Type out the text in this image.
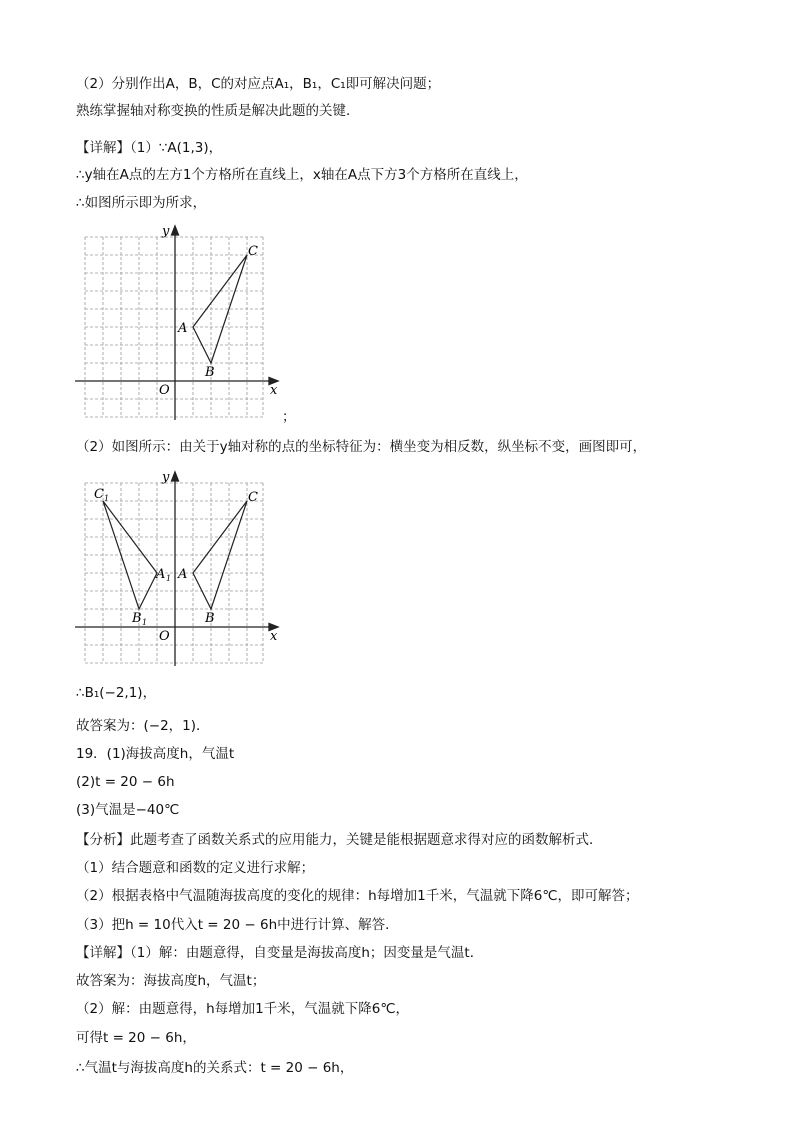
（2）分别作出A，B，C的对应点A₁，B₁，C₁即可解决问题；
熟练掌握轴对称变换的性质是解决此题的关键．
【详解】（1）∵A(1,3)，
∴y轴在A点的左方1个方格所在直线上，x轴在A点下方3个方格所在直线上，
∴如图所示即为所求，
y
x
O
A
B
C
；
（2）如图所示：由关于y轴对称的点的坐标特征为：横坐变为相反数，纵坐标不变，画图即可，
y
x
O
A
B
C
A 1
B 1
C 1
∴B₁(−2,1)，
故答案为：(−2，1)．
19．(1)海拔高度h，气温t
(2)t = 20 − 6h
(3)气温是−40℃
【分析】此题考查了函数关系式的应用能力，关键是能根据题意求得对应的函数解析式．
（1）结合题意和函数的定义进行求解；
（2）根据表格中气温随海拔高度的变化的规律：h每增加1千米，气温就下降6℃，即可解答；
（3）把h = 10代入t = 20 − 6h中进行计算、解答．
【详解】（1）解：由题意得，自变量是海拔高度h；因变量是气温t．
故答案为：海拔高度h，气温t；
（2）解：由题意得，h每增加1千米，气温就下降6℃，
可得t = 20 − 6h，
∴气温t与海拔高度h的关系式：t = 20 − 6h，
